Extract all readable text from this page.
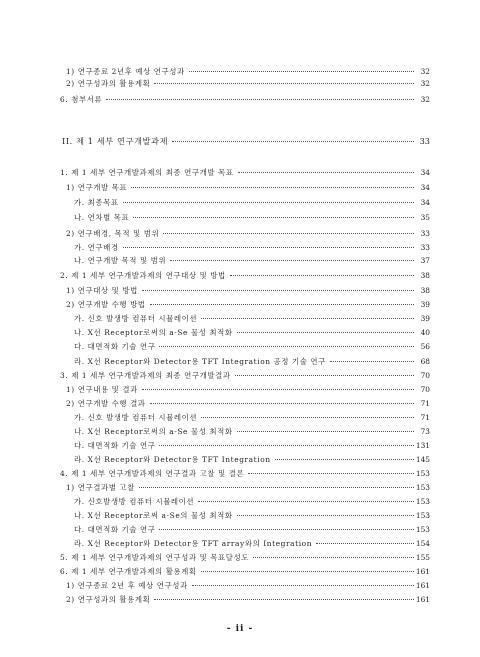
1) 연구종료 2년후 예상 연구성과	32
2) 연구성과의 활용계획	32
6. 첨부서류	32
II. 제 1 세부 연구개발과제	33
1. 제 1 세부 연구개발과제의 최종 연구개발 목표	34
1) 연구개발 목표	34
가. 최종목표	34
나. 연차별 목표	35
2) 연구배경, 목적 및 범위	33
가. 연구배경	33
나. 연구개발 목적 및 범위	37
2. 제 1 세부 연구개발과제의 연구대상 및 방법	38
1) 연구대상 및 방법	38
2) 연구개발 수행 방법	39
가. 신호 발생방 컴퓨터 시뮬레이션	39
나. X선 Receptor로써의 a-Se 물성 최적화	40
다. 대면적화 기술 연구	56
라. X선 Receptor와 Detector용 TFT Integration 공정 기술 연구	68
3. 제 1 세부 연구개발과제의 최종 연구개발결과	70
1) 연구내용 및 결과	70
2) 연구개발 수행 결과	71
가. 신호 발생방 컴퓨터 시뮬레이션	71
나. X선 Receptor로써의 a-Se 물성 최적화	73
다. 대면적화 기술 연구	131
라. X선 Receptor와 Detector용 TFT Integration	145
4. 제 1 세부 연구개발과제의 연구결과 고찰 및 결론	153
1) 연구결과별 고찰	153
가. 신호발생방 컴퓨터 시뮬레이션	153
나. X선 Receptor로써 a-Se의 물성 최적화	153
다. 대면적화 기술 연구	153
라. X선 Receptor와 Detector용 TFT array와의 Integration	154
5. 제 1 세부 연구개발과제의 연구성과 및 목표달성도	155
6. 제 1 세부 연구개발과제의 활용계획	161
1) 연구종료 2년 후 예상 연구성과	161
2) 연구성과의 활용계획	161
- ii -
